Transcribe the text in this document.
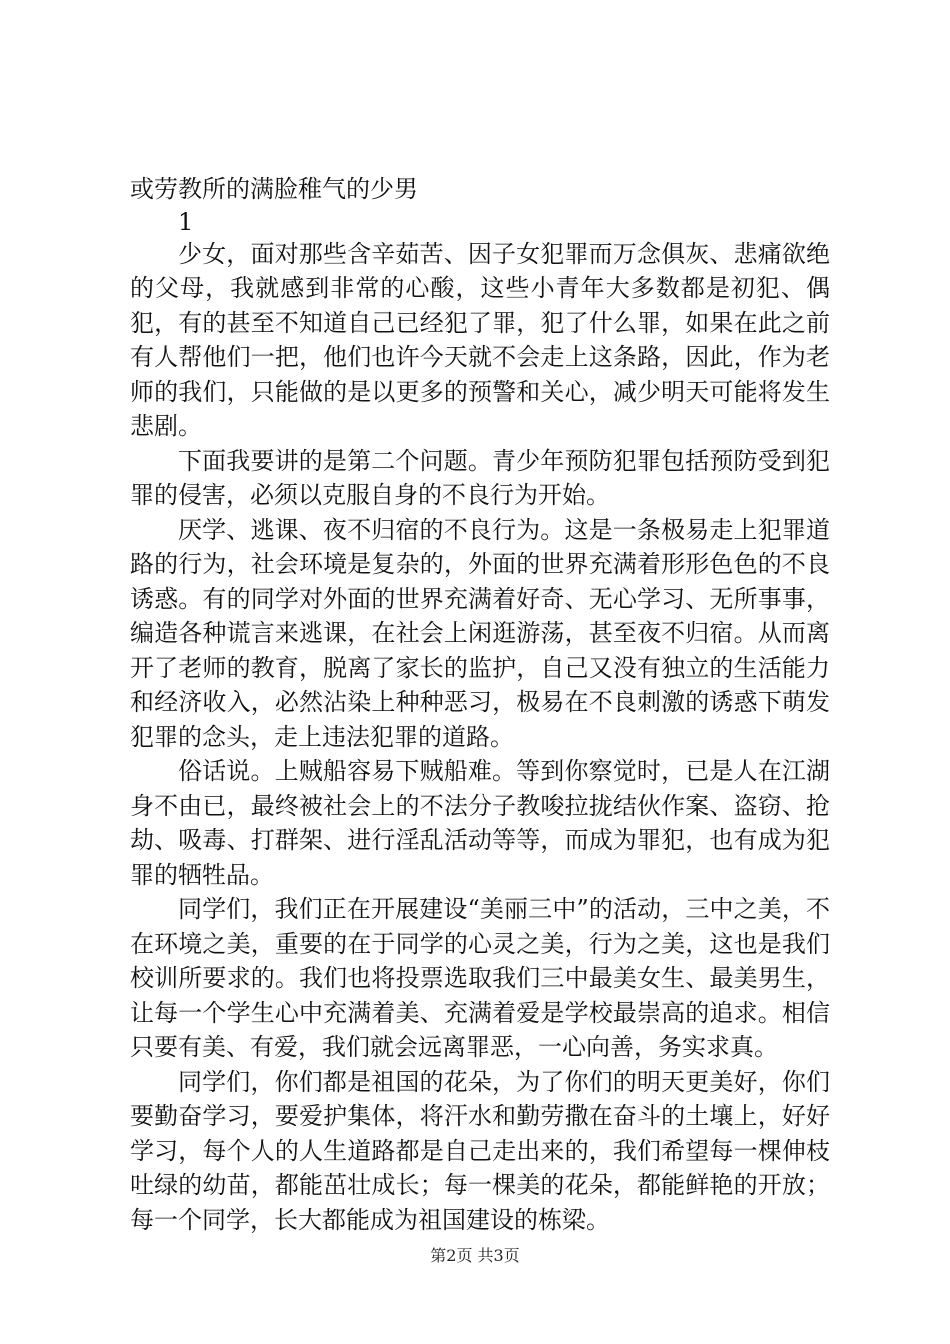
或劳教所的满脸稚气的少男

1

少女，面对那些含辛茹苦、因子女犯罪而万念俱灰、悲痛欲绝的父母，我就感到非常的心酸，这些小青年大多数都是初犯、偶犯，有的甚至不知道自己已经犯了罪，犯了什么罪，如果在此之前有人帮他们一把，他们也许今天就不会走上这条路，因此，作为老师的我们，只能做的是以更多的预警和关心，减少明天可能将发生悲剧。

下面我要讲的是第二个问题。青少年预防犯罪包括预防受到犯罪的侵害，必须以克服自身的不良行为开始。

厌学、逃课、夜不归宿的不良行为。这是一条极易走上犯罪道路的行为，社会环境是复杂的，外面的世界充满着形形色色的不良诱惑。有的同学对外面的世界充满着好奇、无心学习、无所事事，编造各种谎言来逃课，在社会上闲逛游荡，甚至夜不归宿。从而离开了老师的教育，脱离了家长的监护，自己又没有独立的生活能力和经济收入，必然沾染上种种恶习，极易在不良刺激的诱惑下萌发犯罪的念头，走上违法犯罪的道路。

俗话说。上贼船容易下贼船难。等到你察觉时，已是人在江湖身不由已，最终被社会上的不法分子教唆拉拢结伙作案、盗窃、抢劫、吸毒、打群架、进行淫乱活动等等，而成为罪犯，也有成为犯罪的牺牲品。

同学们，我们正在开展建设“美丽三中”的活动，三中之美，不在环境之美，重要的在于同学的心灵之美，行为之美，这也是我们校训所要求的。我们也将投票选取我们三中最美女生、最美男生，让每一个学生心中充满着美、充满着爱是学校最崇高的追求。相信只要有美、有爱，我们就会远离罪恶，一心向善，务实求真。

同学们，你们都是祖国的花朵，为了你们的明天更美好，你们要勤奋学习，要爱护集体，将汗水和勤劳撒在奋斗的土壤上，好好学习，每个人的人生道路都是自己走出来的，我们希望每一棵伸枝吐绿的幼苗，都能茁壮成长；每一棵美的花朵，都能鲜艳的开放；每一个同学，长大都能成为祖国建设的栋梁。

第2页 共3页
